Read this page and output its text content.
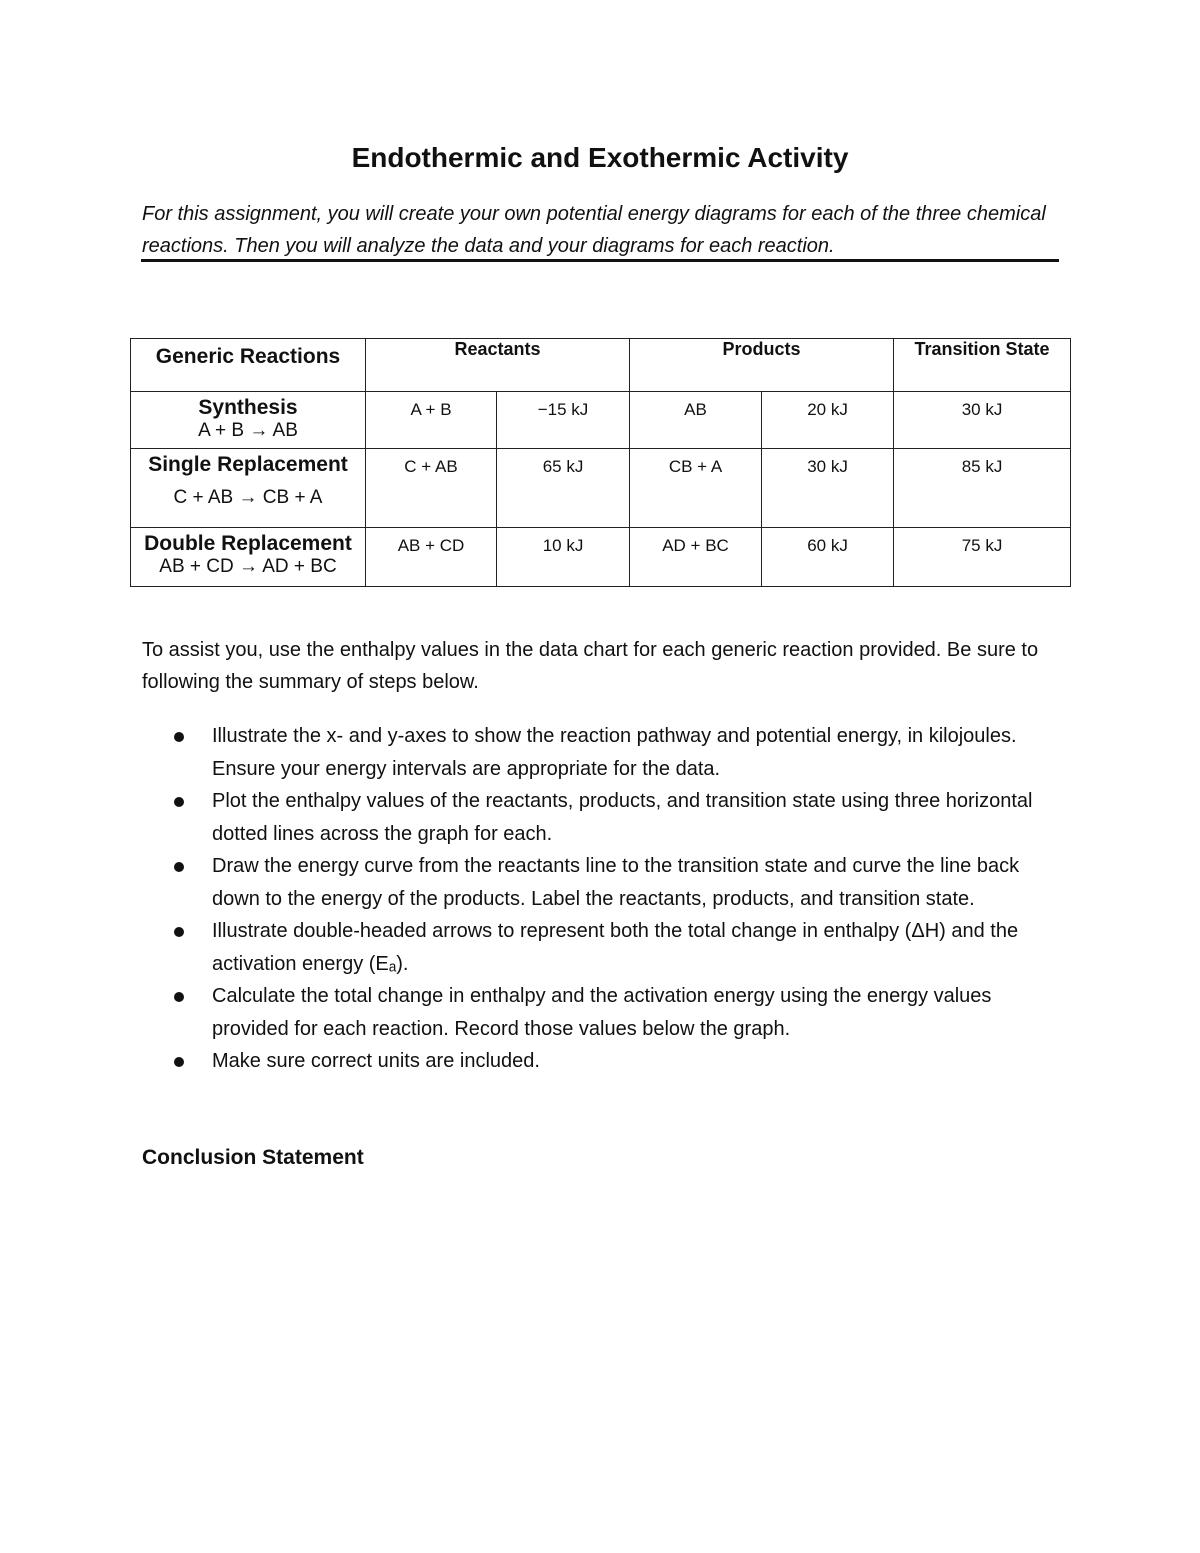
Endothermic and Exothermic Activity

For this assignment, you will create your own potential energy diagrams for each of the three chemical reactions. Then you will analyze the data and your diagrams for each reaction.

Generic Reactions	Reactants		Products		Transition State

Synthesis
A + B → AB	A + B	−15 kJ	AB	20 kJ	30 kJ

Single Replacement
C + AB → CB + A	C + AB	65 kJ	CB + A	30 kJ	85 kJ

Double Replacement
AB + CD → AD + BC	AB + CD	10 kJ	AD + BC	60 kJ	75 kJ

To assist you, use the enthalpy values in the data chart for each generic reaction provided. Be sure to following the summary of steps below.

Illustrate the x- and y-axes to show the reaction pathway and potential energy, in kilojoules. Ensure your energy intervals are appropriate for the data.
Plot the enthalpy values of the reactants, products, and transition state using three horizontal dotted lines across the graph for each.
Draw the energy curve from the reactants line to the transition state and curve the line back down to the energy of the products. Label the reactants, products, and transition state.
Illustrate double-headed arrows to represent both the total change in enthalpy (ΔH) and the activation energy (Eₐ).
Calculate the total change in enthalpy and the activation energy using the energy values provided for each reaction. Record those values below the graph.
Make sure correct units are included.
Conclusion Statement
